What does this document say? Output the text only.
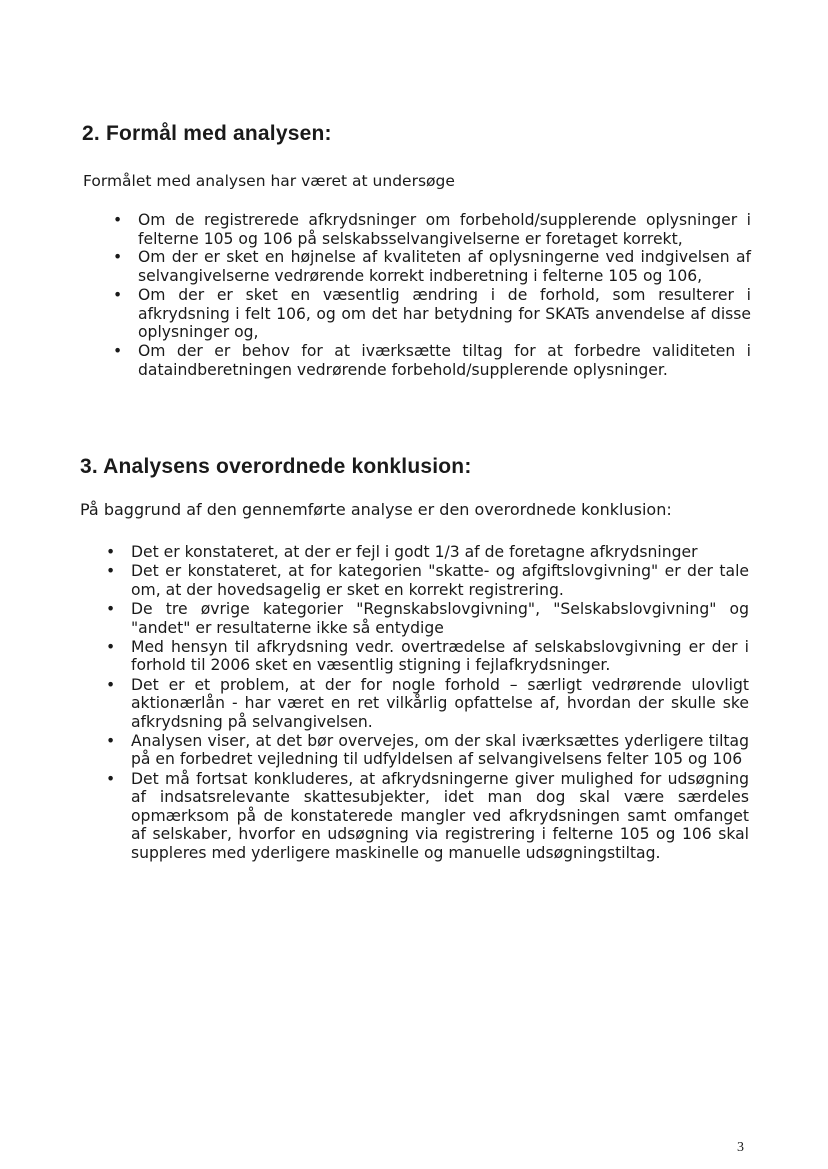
2. Formål med analysen:

Formålet med analysen har været at undersøge

• Om de registrerede afkrydsninger om forbehold/supplerende oplysninger i felterne 105 og 106 på selskabsselvangivelserne er foretaget korrekt,
• Om der er sket en højnelse af kvaliteten af oplysningerne ved indgivelsen af selvangivelserne vedrørende korrekt indberetning i felterne 105 og 106,
• Om der er sket en væsentlig ændring i de forhold, som resulterer i afkrydsning i felt 106, og om det har betydning for SKATs anvendelse af disse oplysninger og,
• Om der er behov for at iværksætte tiltag for at forbedre validiteten i dataindberetningen vedrørende forbehold/supplerende oplysninger.
3. Analysens overordnede konklusion:

På baggrund af den gennemførte analyse er den overordnede konklusion:

• Det er konstateret, at der er fejl i godt 1/3 af de foretagne afkrydsninger
• Det er konstateret, at for kategorien "skatte- og afgiftslovgivning" er der tale om, at der hovedsagelig er sket en korrekt registrering.
• De tre øvrige kategorier "Regnskabslovgivning", "Selskabslovgivning" og "andet" er resultaterne ikke så entydige
• Med hensyn til afkrydsning vedr. overtrædelse af selskabslovgivning er der i forhold til 2006 sket en væsentlig stigning i fejlafkrydsninger.
• Det er et problem, at der for nogle forhold – særligt vedrørende ulovligt aktionærlån - har været en ret vilkårlig opfattelse af, hvordan der skulle ske afkrydsning på selvangivelsen.
• Analysen viser, at det bør overvejes, om der skal iværksættes yderligere tiltag på en forbedret vejledning til udfyldelsen af selvangivelsens felter 105 og 106
• Det må fortsat konkluderes, at afkrydsningerne giver mulighed for udsøgning af indsatsrelevante skattesubjekter, idet man dog skal være særdeles opmærksom på de konstaterede mangler ved afkrydsningen samt omfanget af selskaber, hvorfor en udsøgning via registrering i felterne 105 og 106 skal suppleres med yderligere maskinelle og manuelle udsøgningstiltag.
3
